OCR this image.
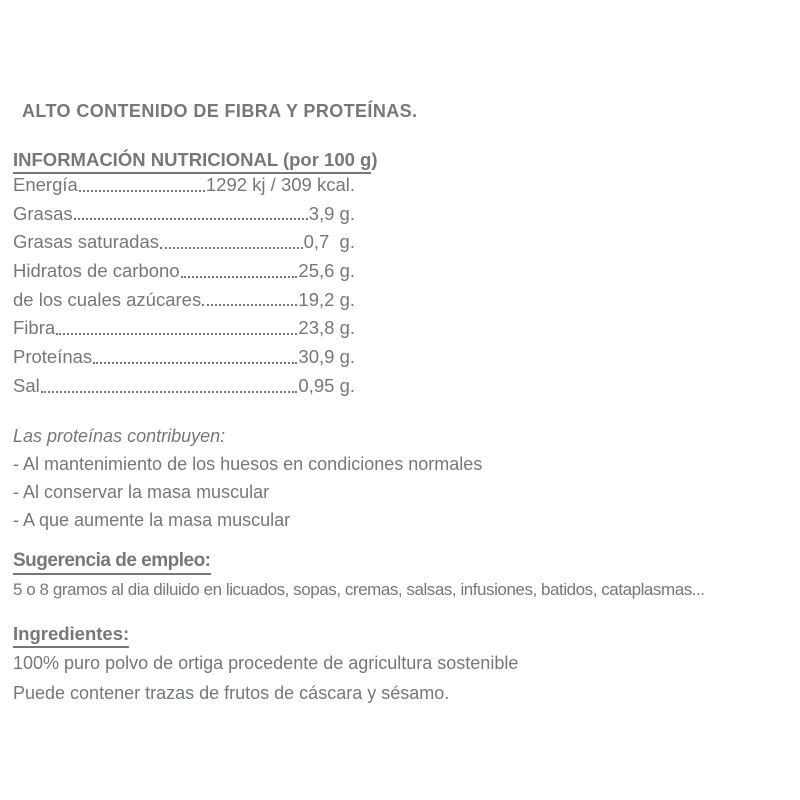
ALTO CONTENIDO DE FIBRA Y PROTEÍNAS.
INFORMACIÓN NUTRICIONAL (por 100 g)
Energía	1292 kj / 309 kcal.
Grasas	3,9 g.
Grasas saturadas	0,7  g.
Hidratos de carbono	25,6 g.
de los cuales azúcares	19,2 g.
Fibra	23,8 g.
Proteínas	30,9 g.
Sal	0,95 g.

Las proteínas contribuyen:

- Al mantenimiento de los huesos en condiciones normales

- Al conservar la masa muscular

- A que aumente la masa muscular

Sugerencia de empleo:

5 o 8 gramos al dia diluido en licuados, sopas, cremas, salsas, infusiones, batidos, cataplasmas...

Ingredientes:

100% puro polvo de ortiga procedente de agricultura sostenible

Puede contener trazas de frutos de cáscara y sésamo.
